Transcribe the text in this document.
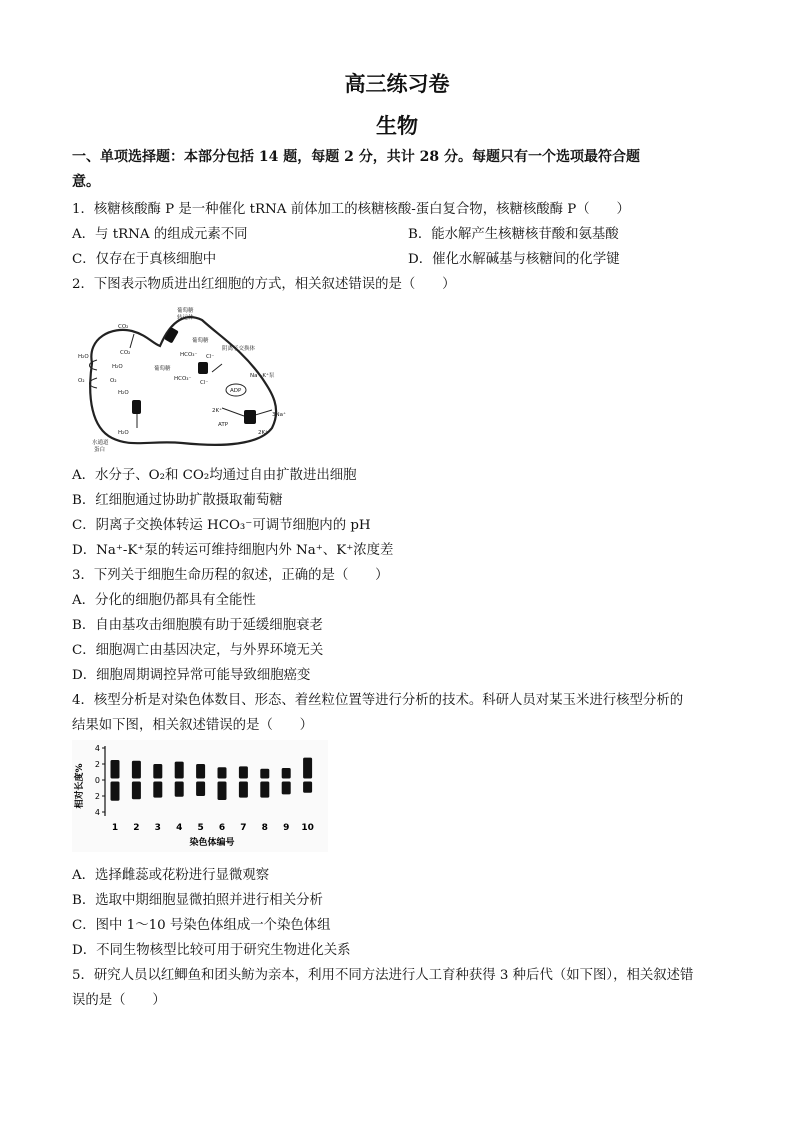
高三练习卷
生物
一、单项选择题：本部分包括 14 题，每题 2 分，共计 28 分。每题只有一个选项最符合题
意。
1．核糖核酸酶 P 是一种催化 tRNA 前体加工的核糖核酸-蛋白复合物，核糖核酸酶 P（　　）
A．与 tRNA 的组成元素不同	B．能水解产生核糖核苷酸和氨基酸
C．仅存在于真核细胞中	D．催化水解碱基与核糖间的化学键
2．下图表示物质进出红细胞的方式，相关叙述错误的是（　　）
CO₂
CO₂
H₂O
H₂O
O₂	O₂
葡萄糖
转运体
葡萄糖
葡萄糖
HCO₃⁻
HCO₃⁻
Cl⁻
Cl⁻
阴离子交换体
ADP
Na⁺-K⁺泵
3Na⁺
2K⁺
2K⁺
ATP
H₂O
H₂O
水通道
蛋白
A．水分子、O₂和 CO₂均通过自由扩散进出细胞
B．红细胞通过协助扩散摄取葡萄糖
C．阴离子交换体转运 HCO₃⁻可调节细胞内的 pH
D．Na⁺-K⁺泵的转运可维持细胞内外 Na⁺、K⁺浓度差
3．下列关于细胞生命历程的叙述，正确的是（　　）
A．分化的细胞仍都具有全能性
B．自由基攻击细胞膜有助于延缓细胞衰老
C．细胞凋亡由基因决定，与外界环境无关
D．细胞周期调控异常可能导致细胞癌变
4．核型分析是对染色体数目、形态、着丝粒位置等进行分析的技术。科研人员对某玉米进行核型分析的
结果如下图，相关叙述错误的是（　　）
相对长度%
4
2
0
2
4
1 2 3 4 5 6 7 8 9 10
染色体编号
A．选择雌蕊或花粉进行显微观察
B．选取中期细胞显微拍照并进行相关分析
C．图中 1～10 号染色体组成一个染色体组
D．不同生物核型比较可用于研究生物进化关系
5．研究人员以红鲫鱼和团头鲂为亲本，利用不同方法进行人工育种获得 3 种后代（如下图），相关叙述错
误的是（　　）
